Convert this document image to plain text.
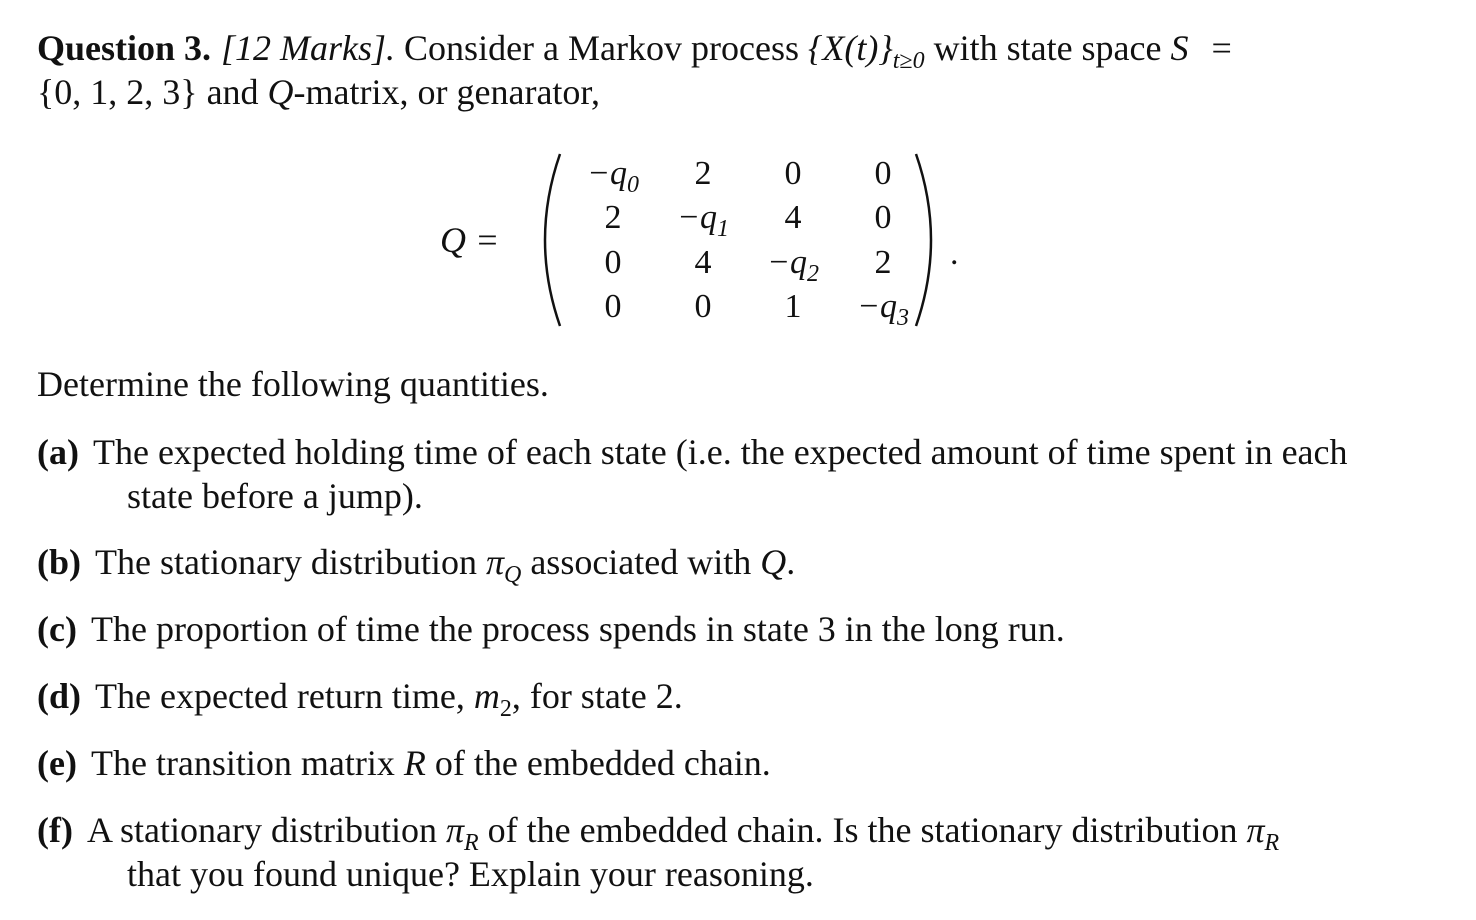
Question 3. [12 Marks]. Consider a Markov process $\{X(t)\}_{t\ge 0}$ with state space S =
{0, 1, 2, 3} and Q-matrix, or genarator,
Q =
$-q_0$	2	0	0
2	$-q_1$	4	0
0	4	$-q_2$	2
0	0	1	$-q_3$
.
Determine the following quantities.
(a) The expected holding time of each state (i.e. the expected amount of time spent in each
state before a jump).
(b) The stationary distribution $\pi_Q$ associated with Q.
(c) The proportion of time the process spends in state 3 in the long run.
(d) The expected return time, $m_2$, for state 2.
(e) The transition matrix R of the embedded chain.
(f) A stationary distribution $\pi_R$ of the embedded chain. Is the stationary distribution $\pi_R$
that you found unique? Explain your reasoning.
